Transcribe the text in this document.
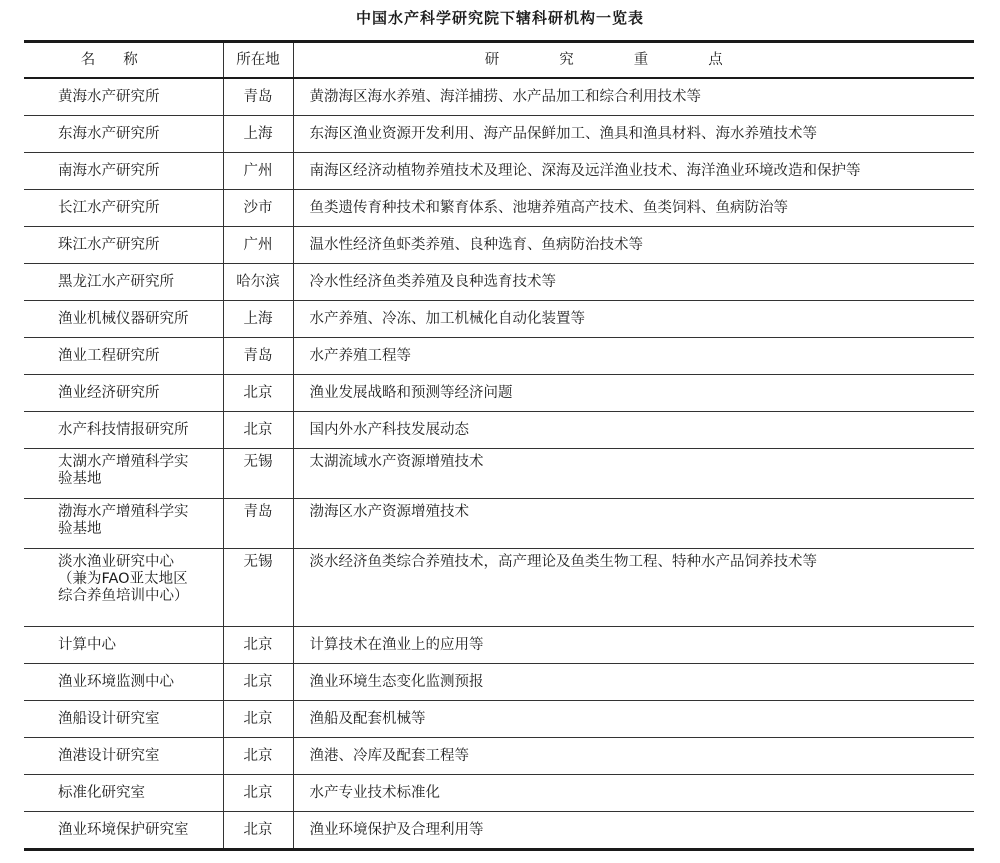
中国水产科学研究院下辖科研机构一览表
名称	所在地	研究重点
黄海水产研究所	青岛	黄渤海区海水养殖、海洋捕捞、水产品加工和综合利用技术等
东海水产研究所	上海	东海区渔业资源开发利用、海产品保鲜加工、渔具和渔具材料、海水养殖技术等
南海水产研究所	广州	南海区经济动植物养殖技术及理论、深海及远洋渔业技术、海洋渔业环境改造和保护等
长江水产研究所	沙市	鱼类遗传育种技术和繁育体系、池塘养殖高产技术、鱼类饲料、鱼病防治等
珠江水产研究所	广州	温水性经济鱼虾类养殖、良种选育、鱼病防治技术等
黑龙江水产研究所	哈尔滨	冷水性经济鱼类养殖及良种选育技术等
渔业机械仪器研究所	上海	水产养殖、冷冻、加工机械化自动化装置等
渔业工程研究所	青岛	水产养殖工程等
渔业经济研究所	北京	渔业发展战略和预测等经济问题
水产科技情报研究所	北京	国内外水产科技发展动态
太湖水产增殖科学实
验基地	无锡	太湖流域水产资源增殖技术
渤海水产增殖科学实
验基地	青岛	渤海区水产资源增殖技术
淡水渔业研究中心
（兼为FAO亚太地区
综合养鱼培训中心）	无锡	淡水经济鱼类综合养殖技术，高产理论及鱼类生物工程、特种水产品饲养技术等
计算中心	北京	计算技术在渔业上的应用等
渔业环境监测中心	北京	渔业环境生态变化监测预报
渔船设计研究室	北京	渔船及配套机械等
渔港设计研究室	北京	渔港、冷库及配套工程等
标准化研究室	北京	水产专业技术标准化
渔业环境保护研究室	北京	渔业环境保护及合理利用等
